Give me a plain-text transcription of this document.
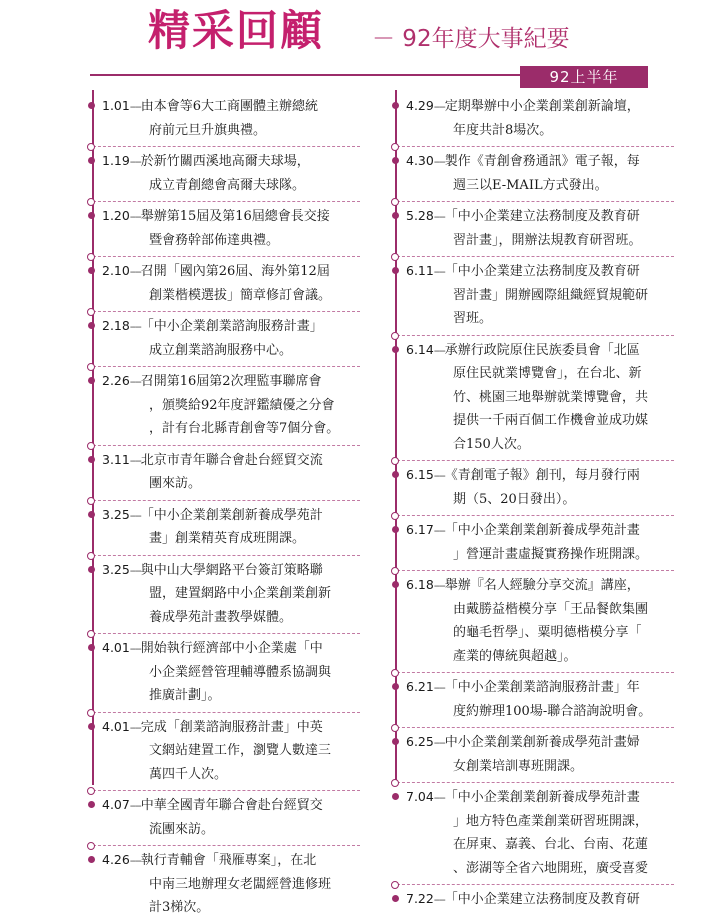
精采回顧 － 92年度大事紀要
92上半年
1.01----由本會等6大工商團體主辦總統
府前元旦升旗典禮。
1.19----於新竹關西溪地高爾夫球場，
成立青創總會高爾夫球隊。
1.20----舉辦第15屆及第16屆總會長交接
暨會務幹部佈達典禮。
2.10----召開「國內第26屆、海外第12屆
創業楷模選拔」簡章修訂會議。
2.18----「中小企業創業諮詢服務計畫」
成立創業諮詢服務中心。
2.26----召開第16屆第2次理監事聯席會
，頒獎給92年度評鑑績優之分會
，計有台北縣青創會等7個分會。
3.11----北京市青年聯合會赴台經貿交流
團來訪。
3.25----「中小企業創業創新養成學苑計
畫」創業精英育成班開課。
3.25----與中山大學網路平台簽訂策略聯
盟，建置網路中小企業創業創新
養成學苑計畫教學媒體。
4.01----開始執行經濟部中小企業處「中
小企業經營管理輔導體系協調與
推廣計劃」。
4.01----完成「創業諮詢服務計畫」中英
文網站建置工作，瀏覽人數達三
萬四千人次。
4.07----中華全國青年聯合會赴台經貿交
流團來訪。
4.26----執行青輔會「飛雁專案」，在北
中南三地辦理女老闆經營進修班
計3梯次。
4.29----定期舉辦中小企業創業創新論壇，
年度共計8場次。
4.30----製作《青創會務通訊》電子報，每
週三以E-MAIL方式發出。
5.28----「中小企業建立法務制度及教育研
習計畫」，開辦法規教育研習班。
6.11----「中小企業建立法務制度及教育研
習計畫」開辦國際組織經貿規範研
習班。
6.14----承辦行政院原住民族委員會「北區
原住民就業博覽會」，在台北、新
竹、桃園三地舉辦就業博覽會，共
提供一千兩百個工作機會並成功媒
合150人次。
6.15----《青創電子報》創刊，每月發行兩
期（5、20日發出）。
6.17----「中小企業創業創新養成學苑計畫
」營運計畫虛擬實務操作班開課。
6.18----舉辦『名人經驗分享交流』講座，
由戴勝益楷模分享「王品餐飲集團
的龜毛哲學」、粟明德楷模分享「
產業的傳統與超越」。
6.21----「中小企業創業諮詢服務計畫」年
度約辦理100場-聯合諮詢說明會。
6.25----中小企業創業創新養成學苑計畫婦
女創業培訓專班開課。
7.04----「中小企業創業創新養成學苑計畫
」地方特色產業創業研習班開課，
在屏東、嘉義、台北、台南、花蓮
、澎湖等全省六地開班，廣受喜愛
7.22----「中小企業建立法務制度及教育研
